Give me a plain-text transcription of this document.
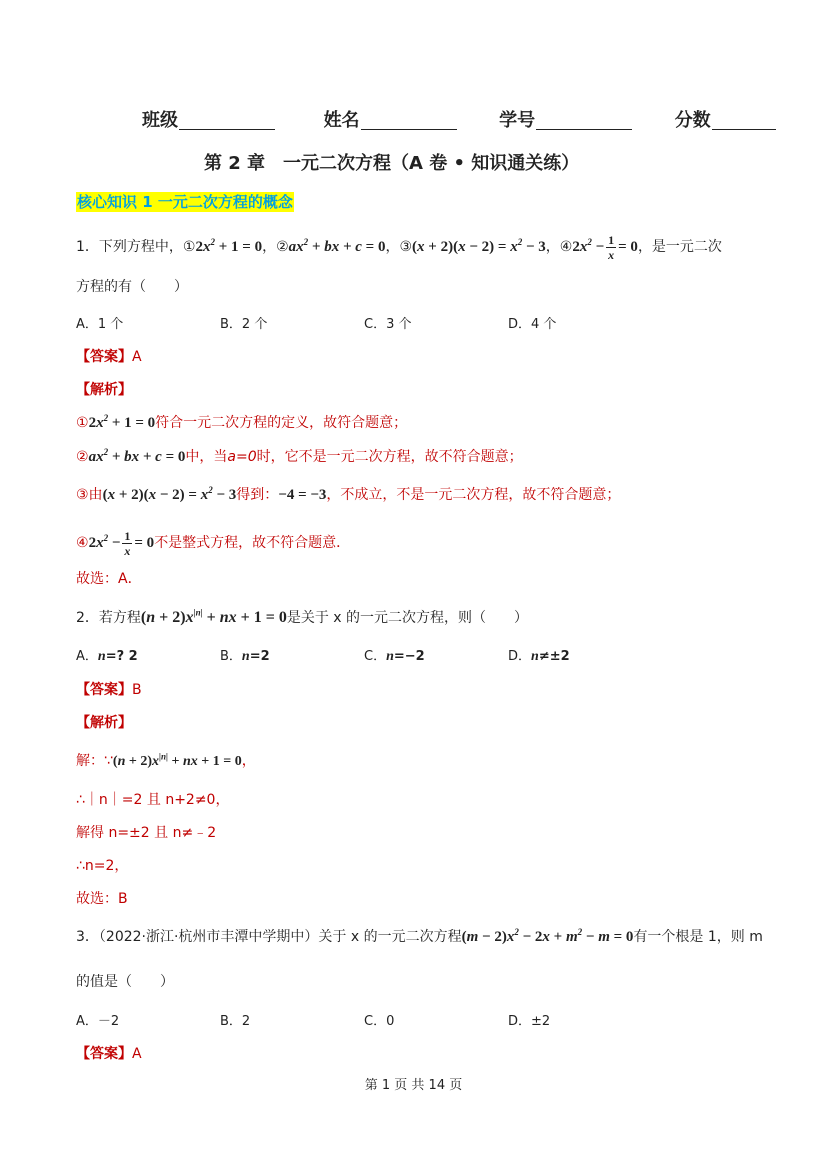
班级	姓名	学号	分数
第 2 章　一元二次方程（A 卷 • 知识通关练）
核心知识 1 一元二次方程的概念
1．下列方程中，$①2x^2 + 1 = 0$，$②ax^2$ + bx + c = 0，③(x + $2)(x - 2) = x^2 - 3$，$④2x^2 - \frac{1}{x} = 0$，是一元二次
方程的有（　　）
A．1 个	B．2 个	C．3 个	D．4 个
【答案】A
【解析】
$①2x^2 + 1 = 0$符合一元二次方程的定义，故符合题意；
$②ax^2$ + bx + c = 0中，当a=0时，它不是一元二次方程，故不符合题意；
③由$(x + 2)(x - 2) = x^2 - 3$得到：−4 = −3，不成立，不是一元二次方程，故不符合题意；
$④2x^2 - \frac{1}{x} = 0$不是整式方程，故不符合题意．
故选：A．
2．若方程$(n + 2)x^{|n|}$ + nx + 1 = 0是关于 x 的一元二次方程，则（　　）
A．n=? 2	B．n=2	C．n=−2	D．n≠±2
【答案】B
【解析】
解：∵(n + $2)x^{|n|}$ + nx + 1 = 0，
∴｜n｜=2 且 n+2≠0，
解得 n=±2 且 n≠﹣2
∴n=2，
故选：B
3．（2022·浙江·杭州市丰潭中学期中）关于 x 的一元二次方程$(m - 2)x^2 - 2x + m^2 - m = 0$有一个根是 1，则 m
的值是（　　）
A．－2	B．2	C．0	D．±2
【答案】A
第 1 页 共 14 页
